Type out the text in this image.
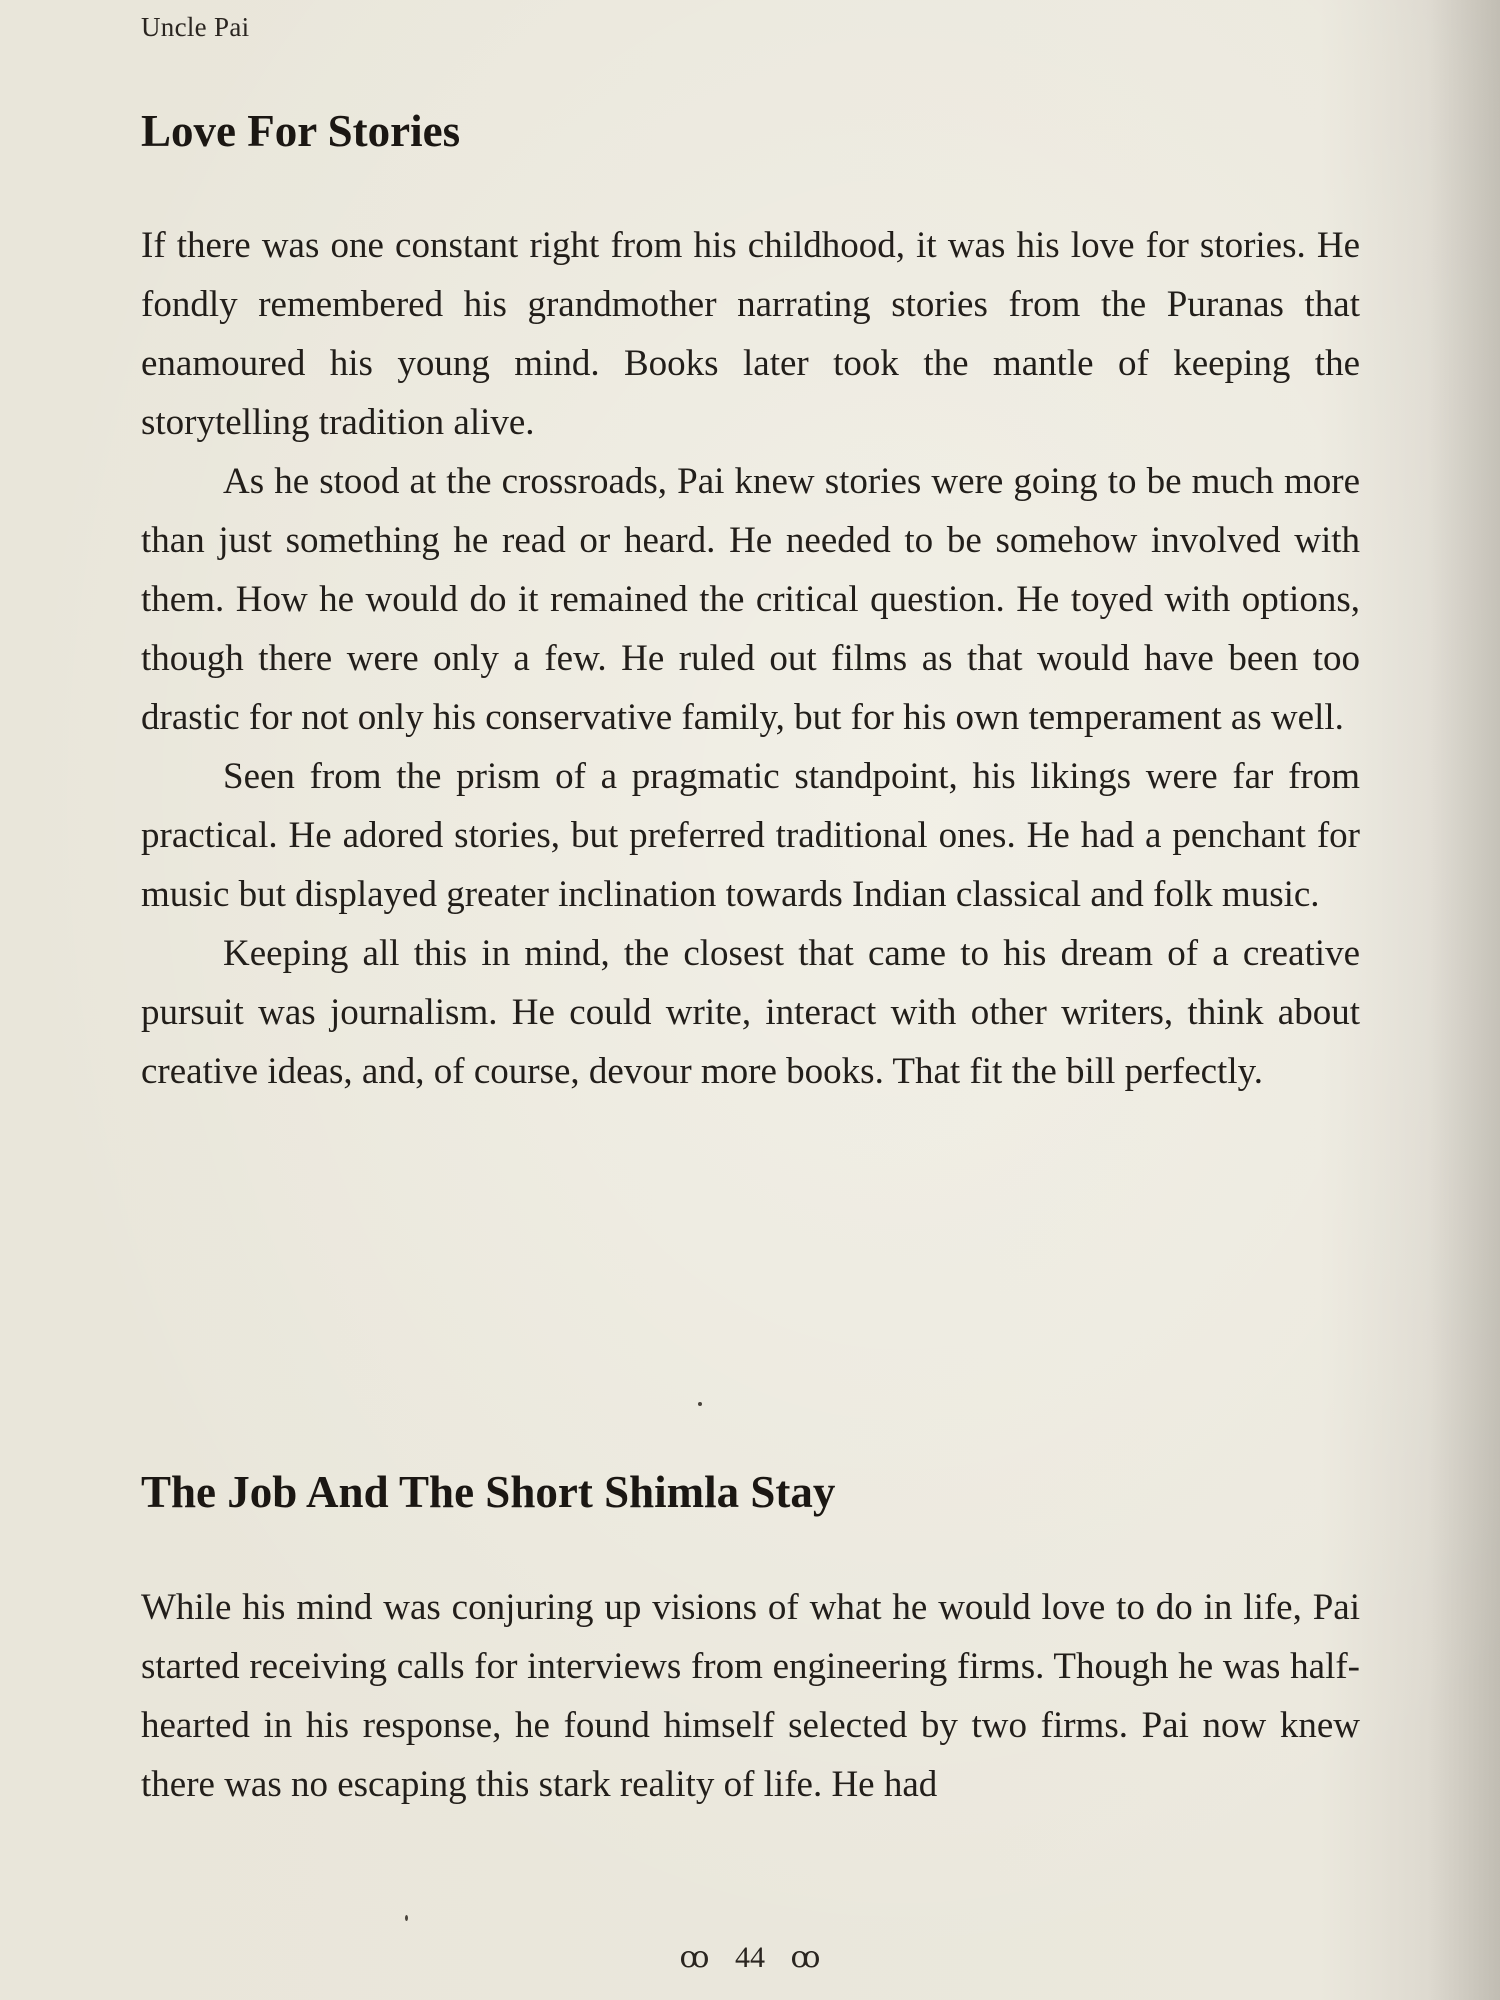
Uncle Pai
Love For Stories

If there was one constant right from his childhood, it was his love for stories. He fondly remembered his grandmother narrating stories from the Puranas that enamoured his young mind. Books later took the mantle of keeping the storytelling tradition alive.

As he stood at the crossroads, Pai knew stories were going to be much more than just something he read or heard. He needed to be somehow involved with them. How he would do it remained the critical question. He toyed with options, though there were only a few. He ruled out films as that would have been too drastic for not only his conservative family, but for his own temperament as well.

Seen from the prism of a pragmatic standpoint, his likings were far from practical. He adored stories, but preferred traditional ones. He had a penchant for music but displayed greater inclination towards Indian classical and folk music.

Keeping all this in mind, the closest that came to his dream of a creative pursuit was journalism. He could write, interact with other writers, think about creative ideas, and, of course, devour more books. That fit the bill perfectly.

The Job And The Short Shimla Stay

While his mind was conjuring up visions of what he would love to do in life, Pai started receiving calls for interviews from engineering firms. Though he was half-hearted in his response, he found himself selected by two firms. Pai now knew there was no escaping this stark reality of life. He had

ꝏ 44 ꝏ
